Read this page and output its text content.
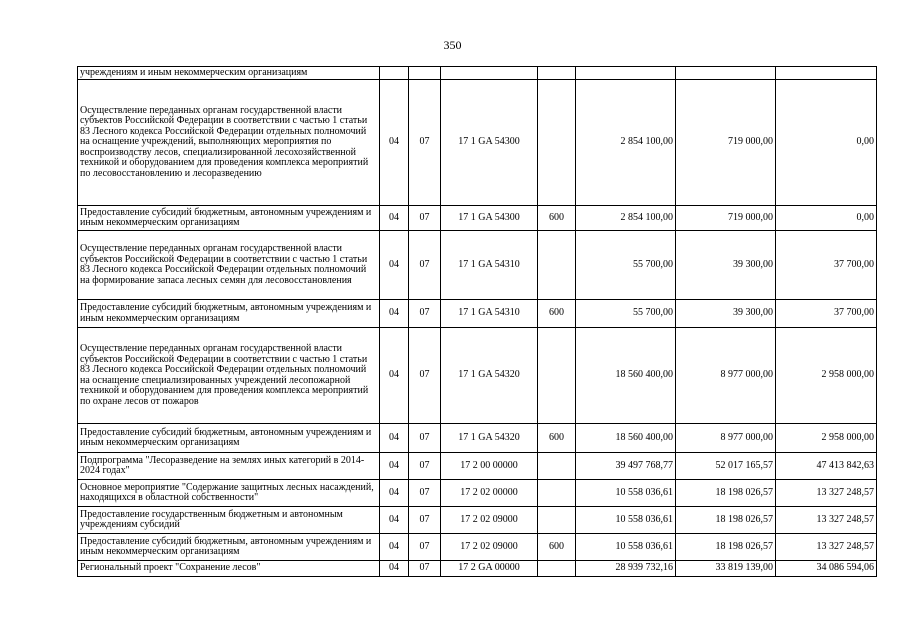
350
учреждениям и иным некоммерческим организациям							
Осуществление переданных органам государственной власти субъектов Российской Федерации в соответствии с частью 1 статьи 83 Лесного кодекса Российской Федерации отдельных полномочий на оснащение учреждений, выполняющих мероприятия по воспроизводству лесов, специализированной лесохозяйственной техникой и оборудованием для проведения комплекса мероприятий по лесовосстановлению и лесоразведению	04	07	17 1 GA 54300		2 854 100,00	719 000,00	0,00
Предоставление субсидий бюджетным, автономным учреждениям и иным некоммерческим организациям	04	07	17 1 GA 54300	600	2 854 100,00	719 000,00	0,00
Осуществление переданных органам государственной власти субъектов Российской Федерации в соответствии с частью 1 статьи 83 Лесного кодекса Российской Федерации отдельных полномочий на формирование запаса лесных семян для лесовосстановления	04	07	17 1 GA 54310		55 700,00	39 300,00	37 700,00
Предоставление субсидий бюджетным, автономным учреждениям и иным некоммерческим организациям	04	07	17 1 GA 54310	600	55 700,00	39 300,00	37 700,00
Осуществление переданных органам государственной власти субъектов Российской Федерации в соответствии с частью 1 статьи 83 Лесного кодекса Российской Федерации отдельных полномочий на оснащение специализированных учреждений лесопожарной техникой и оборудованием для проведения комплекса мероприятий по охране лесов от пожаров	04	07	17 1 GA 54320		18 560 400,00	8 977 000,00	2 958 000,00
Предоставление субсидий бюджетным, автономным учреждениям и иным некоммерческим организациям	04	07	17 1 GA 54320	600	18 560 400,00	8 977 000,00	2 958 000,00
Подпрограмма "Лесоразведение на землях иных категорий в 2014-2024 годах"	04	07	17 2 00 00000		39 497 768,77	52 017 165,57	47 413 842,63
Основное мероприятие "Содержание защитных лесных насаждений, находящихся в областной собственности"	04	07	17 2 02 00000		10 558 036,61	18 198 026,57	13 327 248,57
Предоставление государственным бюджетным и автономным учреждениям субсидий	04	07	17 2 02 09000		10 558 036,61	18 198 026,57	13 327 248,57
Предоставление субсидий бюджетным, автономным учреждениям и иным некоммерческим организациям	04	07	17 2 02 09000	600	10 558 036,61	18 198 026,57	13 327 248,57
Региональный проект "Сохранение лесов"	04	07	17 2 GA 00000		28 939 732,16	33 819 139,00	34 086 594,06
